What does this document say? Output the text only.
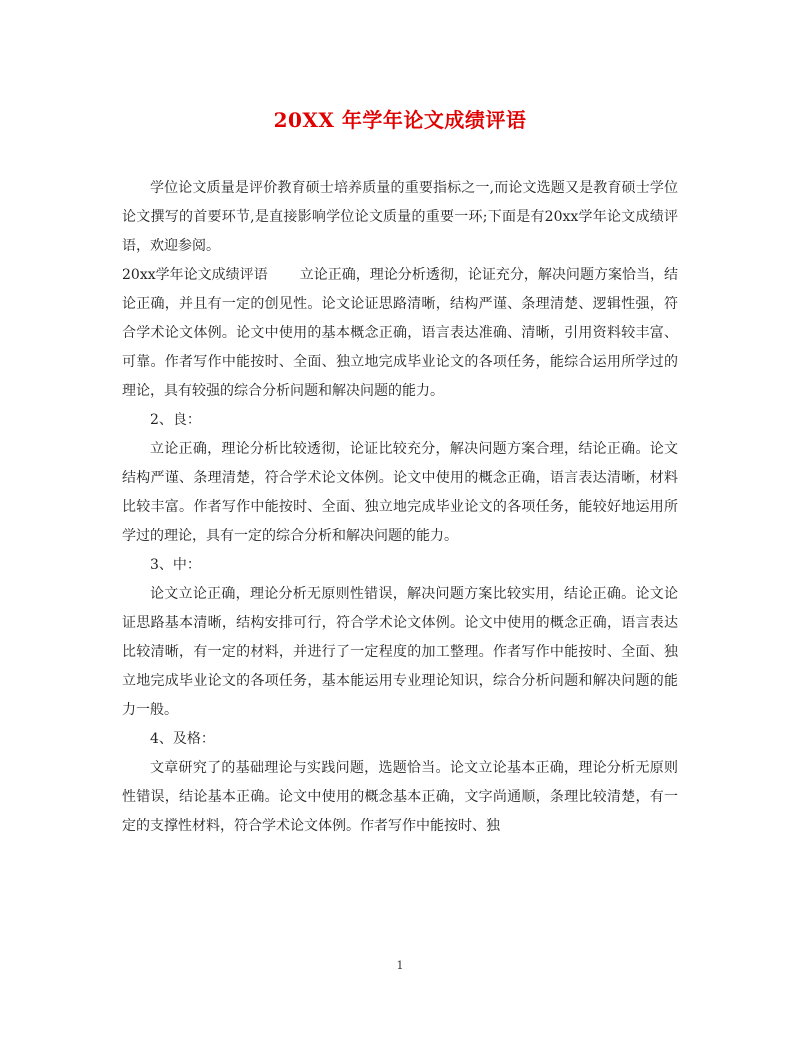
20XX 年学年论文成绩评语

学位论文质量是评价教育硕士培养质量的重要指标之一,而论文选题又是教育硕士学位论文撰写的首要环节,是直接影响学位论文质量的重要一环;下面是有20xx学年论文成绩评语，欢迎参阅。

20xx学年论文成绩评语 立论正确，理论分析透彻，论证充分，解决问题方案恰当，结论正确，并且有一定的创见性。论文论证思路清晰，结构严谨、条理清楚、逻辑性强，符合学术论文体例。论文中使用的基本概念正确，语言表达准确、清晰，引用资料较丰富、可靠。作者写作中能按时、全面、独立地完成毕业论文的各项任务，能综合运用所学过的理论，具有较强的综合分析问题和解决问题的能力。

2、良：

立论正确，理论分析比较透彻，论证比较充分，解决问题方案合理，结论正确。论文结构严谨、条理清楚，符合学术论文体例。论文中使用的概念正确，语言表达清晰，材料比较丰富。作者写作中能按时、全面、独立地完成毕业论文的各项任务，能较好地运用所学过的理论，具有一定的综合分析和解决问题的能力。

3、中：

论文立论正确，理论分析无原则性错误，解决问题方案比较实用，结论正确。论文论证思路基本清晰，结构安排可行，符合学术论文体例。论文中使用的概念正确，语言表达比较清晰，有一定的材料，并进行了一定程度的加工整理。作者写作中能按时、全面、独立地完成毕业论文的各项任务，基本能运用专业理论知识，综合分析问题和解决问题的能力一般。

4、及格：

文章研究了的基础理论与实践问题，选题恰当。论文立论基本正确，理论分析无原则性错误，结论基本正确。论文中使用的概念基本正确，文字尚通顺，条理比较清楚，有一定的支撑性材料，符合学术论文体例。作者写作中能按时、独

1
